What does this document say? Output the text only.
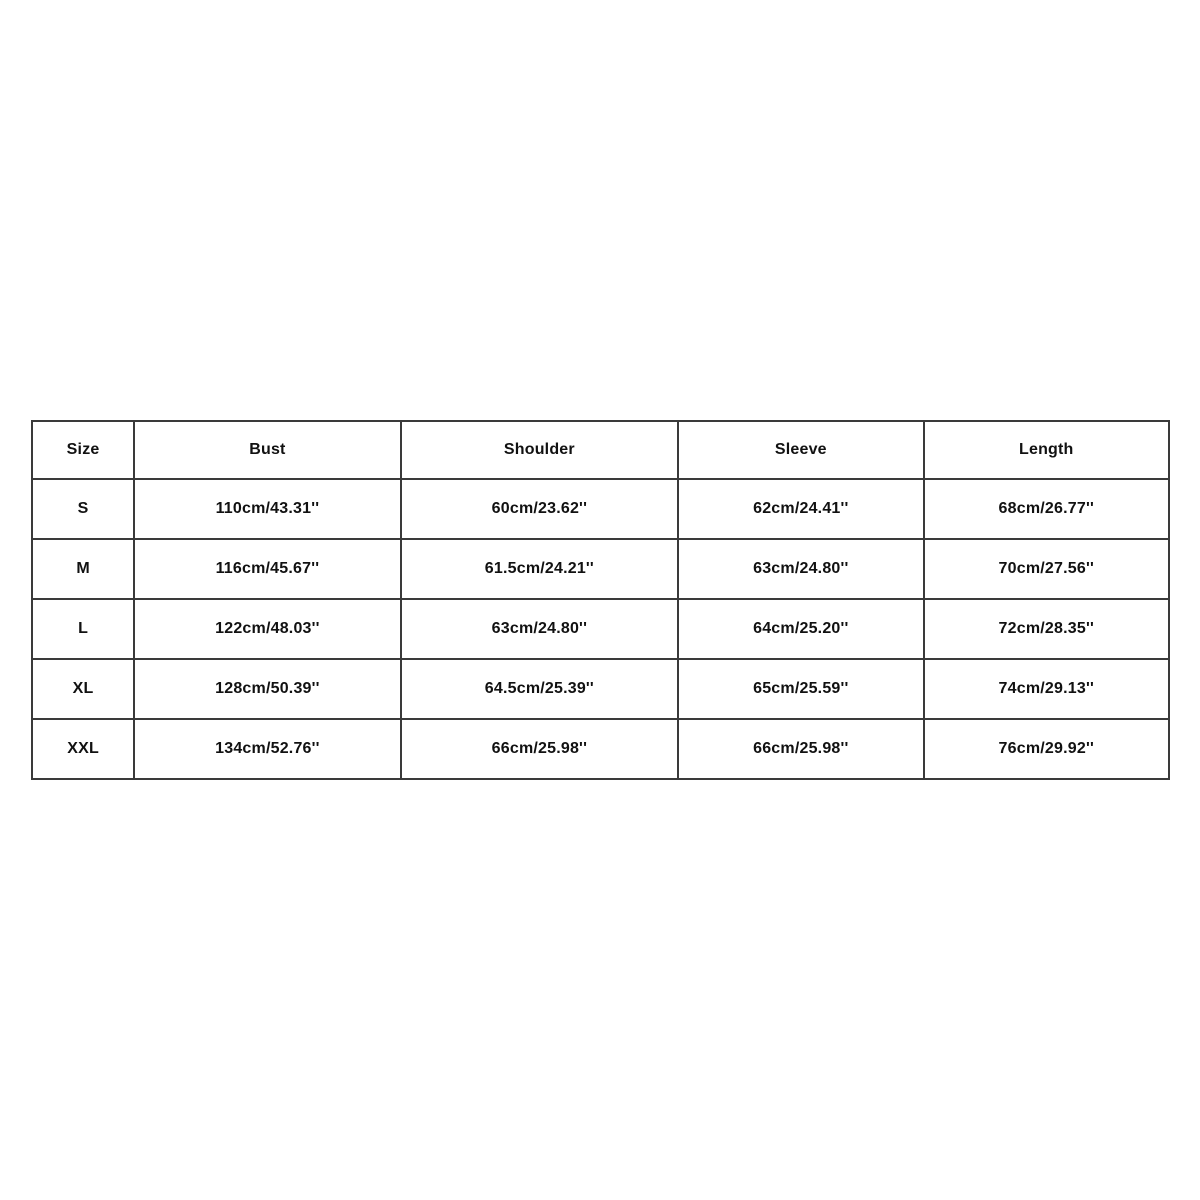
Size	Bust	Shoulder	Sleeve	Length
S	110cm/43.31''	60cm/23.62''	62cm/24.41''	68cm/26.77''
M	116cm/45.67''	61.5cm/24.21''	63cm/24.80''	70cm/27.56''
L	122cm/48.03''	63cm/24.80''	64cm/25.20''	72cm/28.35''
XL	128cm/50.39''	64.5cm/25.39''	65cm/25.59''	74cm/29.13''
XXL	134cm/52.76''	66cm/25.98''	66cm/25.98''	76cm/29.92''
